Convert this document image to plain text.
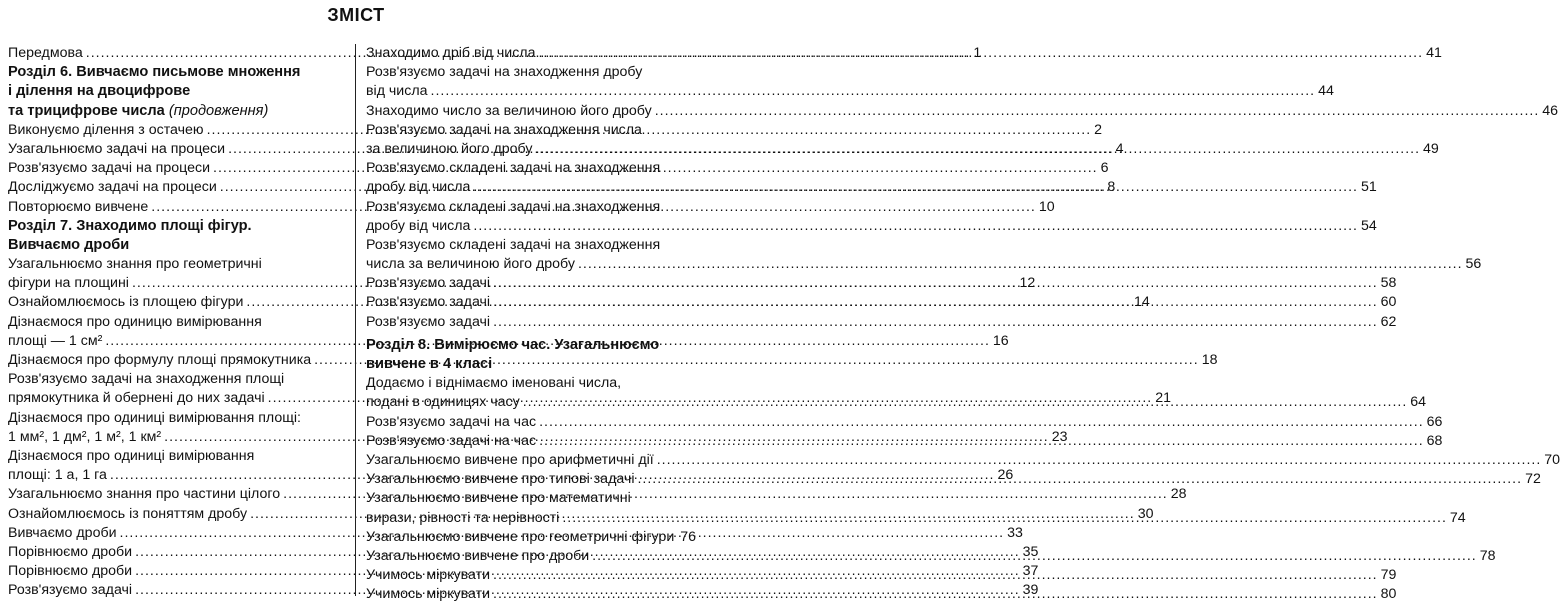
ЗМІСТ
Передмова .....	1
Розділ 6. Вивчаємо письмове множення
і ділення на двоцифрове
та трицифрове числа (продовження)
Виконуємо ділення з остачею .....	2
Узагальнюємо задачі на процеси .....	4
Розв'язуємо задачі на процеси .....	6
Досліджуємо задачі на процеси .....	8
Повторюємо вивчене .....	10
Розділ 7. Знаходимо площі фігур.
Вивчаємо дроби
Узагальнюємо знання про геометричні
фігури на площині .....	12
Ознайомлюємось із площею фігури .....	14
Дізнаємося про одиницю вимірювання
площі — 1 см² .....	16
Дізнаємося про формулу площі прямокутника .....	18
Розв'язуємо задачі на знаходження площі
прямокутника й обернені до них задачі .....	21
Дізнаємося про одиниці вимірювання площі:
1 мм², 1 дм², 1 м², 1 км² .....	23
Дізнаємося про одиниці вимірювання
площі: 1 а, 1 га .....	26
Узагальнюємо знання про частини цілого .....	28
Ознайомлюємось із поняттям дробу .....	30
Вивчаємо дроби .....	33
Порівнюємо дроби .....	35
Порівнюємо дроби .....	37
Розв'язуємо задачі .....	39
Знаходимо дріб від числа .....	41
Розв'язуємо задачі на знаходження дробу
від числа .....	44
Знаходимо число за величиною його дробу .....	46
Розв'язуємо задачі на знаходження числа
за величиною його дробу .....	49
Розв'язуємо складені задачі на знаходження
дробу від числа .....	51
Розв'язуємо складені задачі на знаходження
дробу від числа .....	54
Розв'язуємо складені задачі на знаходження
числа за величиною його дробу .....	56
Розв'язуємо задачі .....	58
Розв'язуємо задачі .....	60
Розв'язуємо задачі .....	62
Розділ 8. Вимірюємо час. Узагальнюємо
вивчене в 4 класі
Додаємо і віднімаємо іменовані числа,
подані в одиницях часу .....	64
Розв'язуємо задачі на час .....	66
Розв'язуємо задачі на час .....	68
Узагальнюємо вивчене про арифметичні дії .....	70
Узагальнюємо вивчене про типові задачі .....	72
Узагальнюємо вивчене про математичні
вирази, рівності та нерівності .....	74
Узагальнюємо вивчене про геометричні фігури 76
Узагальнюємо вивчене про дроби .....	78
Учимось міркувати .....	79
Учимось міркувати .....	80
